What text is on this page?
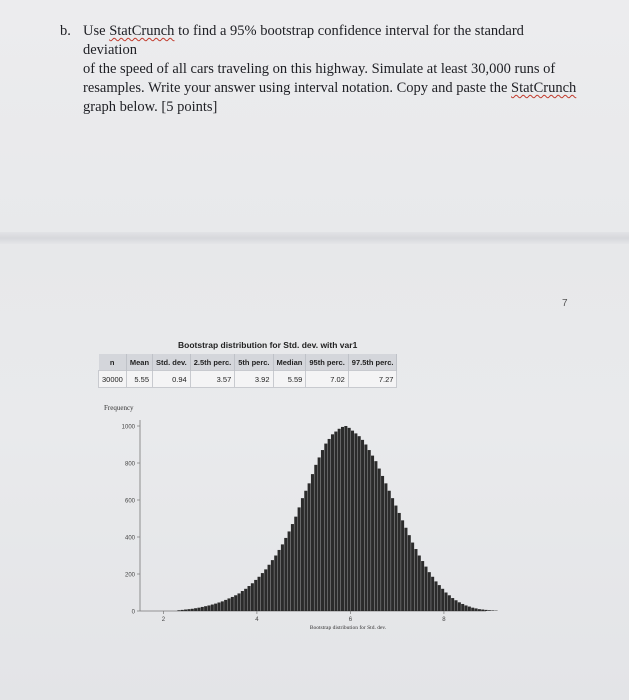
b. Use StatCrunch to find a 95% bootstrap confidence interval for the standard deviation
of the speed of all cars traveling on this highway. Simulate at least 30,000 runs of
resamples. Write your answer using interval notation. Copy and paste the StatCrunch
graph below. [5 points]
7
Bootstrap distribution for Std. dev. with var1
n	Mean	Std. dev.	2.5th perc.	5th perc.	Median	95th perc.	97.5th perc.
30000	5.55	0.94	3.57	3.92	5.59	7.02	7.27
0
200
400
600
800
1000
2	4	6	8
Frequency
Bootstrap distribution for Std. dev.
